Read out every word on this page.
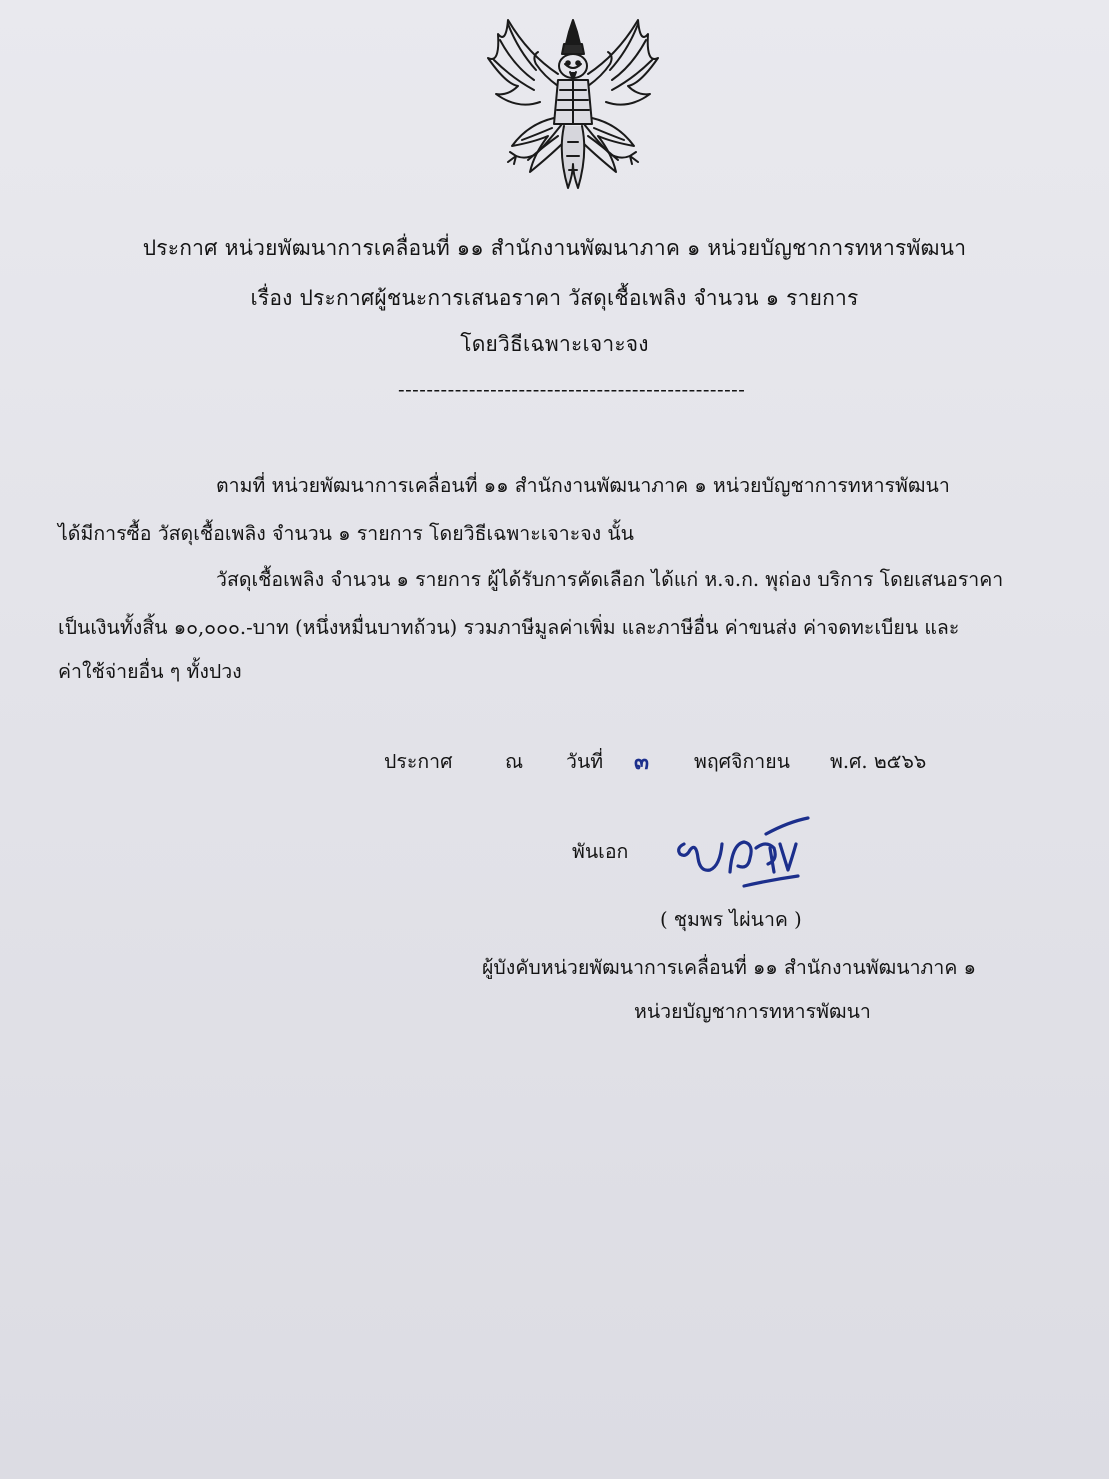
ประกาศ หน่วยพัฒนาการเคลื่อนที่ ๑๑ สำนักงานพัฒนาภาค ๑ หน่วยบัญชาการทหารพัฒนา
เรื่อง ประกาศผู้ชนะการเสนอราคา วัสดุเชื้อเพลิง จำนวน ๑ รายการ
โดยวิธีเฉพาะเจาะจง
-------------------------------------------------
ตามที่ หน่วยพัฒนาการเคลื่อนที่ ๑๑ สำนักงานพัฒนาภาค ๑ หน่วยบัญชาการทหารพัฒนา
ได้มีการซื้อ วัสดุเชื้อเพลิง จำนวน ๑ รายการ โดยวิธีเฉพาะเจาะจง นั้น
วัสดุเชื้อเพลิง จำนวน ๑ รายการ ผู้ได้รับการคัดเลือก ได้แก่ ห.จ.ก. พุถ่อง บริการ โดยเสนอราคา
เป็นเงินทั้งสิ้น ๑๐,๐๐๐.-บาท (หนึ่งหมื่นบาทถ้วน) รวมภาษีมูลค่าเพิ่ม และภาษีอื่น ค่าขนส่ง ค่าจดทะเบียน และ
ค่าใช้จ่ายอื่น ๆ ทั้งปวง
ประกาศ	ณ วันที่ ๓ พฤศจิกายน พ.ศ. ๒๕๖๖
พันเอก
( ชุมพร ไผ่นาค )
ผู้บังคับหน่วยพัฒนาการเคลื่อนที่ ๑๑ สำนักงานพัฒนาภาค ๑
หน่วยบัญชาการทหารพัฒนา
